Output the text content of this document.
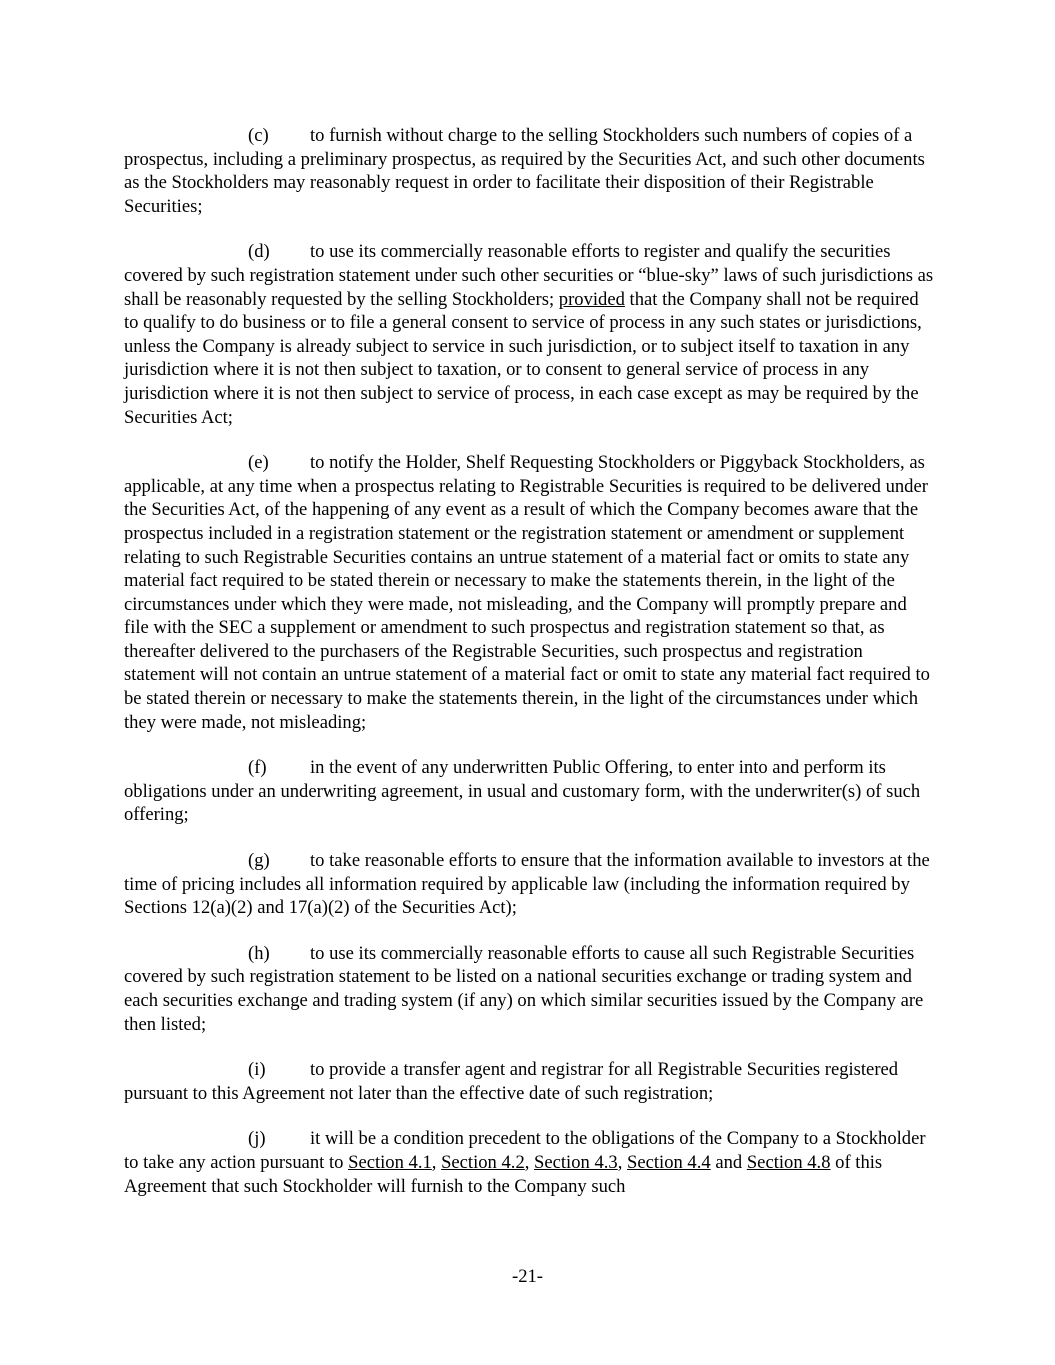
(c) to furnish without charge to the selling Stockholders such numbers of copies of a prospectus, including a preliminary prospectus, as required by the Securities Act, and such other documents as the Stockholders may reasonably request in order to facilitate their disposition of their Registrable Securities;

(d) to use its commercially reasonable efforts to register and qualify the securities covered by such registration statement under such other securities or “blue-sky” laws of such jurisdictions as shall be reasonably requested by the selling Stockholders; provided that the Company shall not be required to qualify to do business or to file a general consent to service of process in any such states or jurisdictions, unless the Company is already subject to service in such jurisdiction, or to subject itself to taxation in any jurisdiction where it is not then subject to taxation, or to consent to general service of process in any jurisdiction where it is not then subject to service of process, in each case except as may be required by the Securities Act;

(e) to notify the Holder, Shelf Requesting Stockholders or Piggyback Stockholders, as applicable, at any time when a prospectus relating to Registrable Securities is required to be delivered under the Securities Act, of the happening of any event as a result of which the Company becomes aware that the prospectus included in a registration statement or the registration statement or amendment or supplement relating to such Registrable Securities contains an untrue statement of a material fact or omits to state any material fact required to be stated therein or necessary to make the statements therein, in the light of the circumstances under which they were made, not misleading, and the Company will promptly prepare and file with the SEC a supplement or amendment to such prospectus and registration statement so that, as thereafter delivered to the purchasers of the Registrable Securities, such prospectus and registration statement will not contain an untrue statement of a material fact or omit to state any material fact required to be stated therein or necessary to make the statements therein, in the light of the circumstances under which they were made, not misleading;

(f) in the event of any underwritten Public Offering, to enter into and perform its obligations under an underwriting agreement, in usual and customary form, with the underwriter(s) of such offering;

(g) to take reasonable efforts to ensure that the information available to investors at the time of pricing includes all information required by applicable law (including the information required by Sections 12(a)(2) and 17(a)(2) of the Securities Act);

(h) to use its commercially reasonable efforts to cause all such Registrable Securities covered by such registration statement to be listed on a national securities exchange or trading system and each securities exchange and trading system (if any) on which similar securities issued by the Company are then listed;

(i) to provide a transfer agent and registrar for all Registrable Securities registered pursuant to this Agreement not later than the effective date of such registration;

(j) it will be a condition precedent to the obligations of the Company to a Stockholder to take any action pursuant to Section 4.1, Section 4.2, Section 4.3, Section 4.4 and Section 4.8 of this Agreement that such Stockholder will furnish to the Company such

-21-
